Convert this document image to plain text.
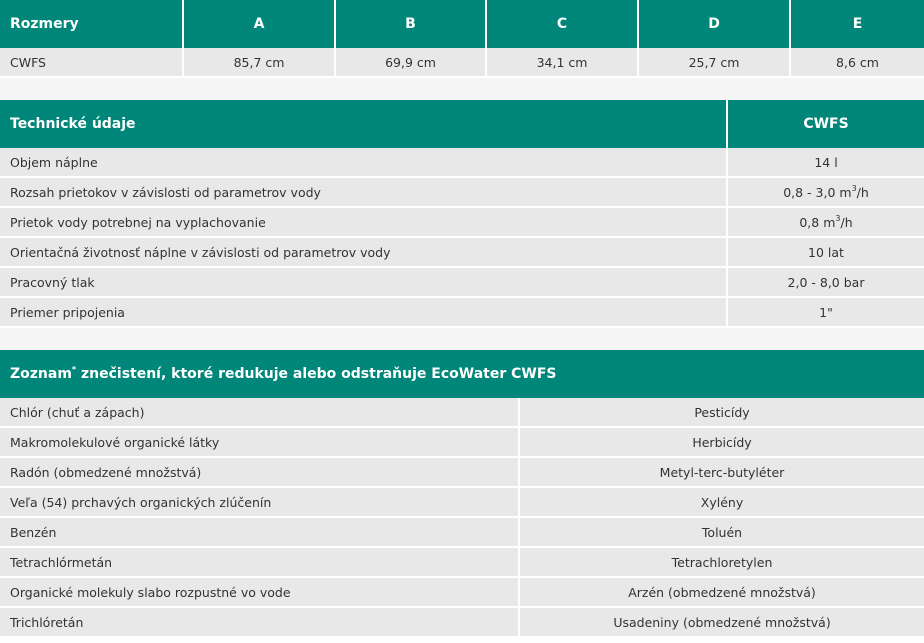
Rozmery	A	B	C	D	E
CWFS	85,7 cm	69,9 cm	34,1 cm	25,7 cm	8,6 cm
Technické údaje	CWFS
Objem náplne	14 l
Rozsah prietokov v závislosti od parametrov vody	0,8 - 3,0 $m^3/h$
Prietok vody potrebnej na vyplachovanie	0,8 $m^3/h$
Orientačná životnosť náplne v závislosti od parametrov vody	10 lat
Pracovný tlak	2,0 - 8,0 bar
Priemer pripojenia	1"
Zoznam* znečistení, ktoré redukuje alebo odstraňuje EcoWater CWFS	
Chlór (chuť a zápach)	Pesticídy
Makromolekulové organické látky	Herbicídy
Radón (obmedzené množstvá)	Metyl-terc-butyléter
Veľa (54) prchavých organických zlúčenín	Xylény
Benzén	Toluén
Tetrachlórmetán	Tetrachloretylen
Organické molekuly slabo rozpustné vo vode	Arzén (obmedzené množstvá)
Trichlóretán	Usadeniny (obmedzené množstvá)
